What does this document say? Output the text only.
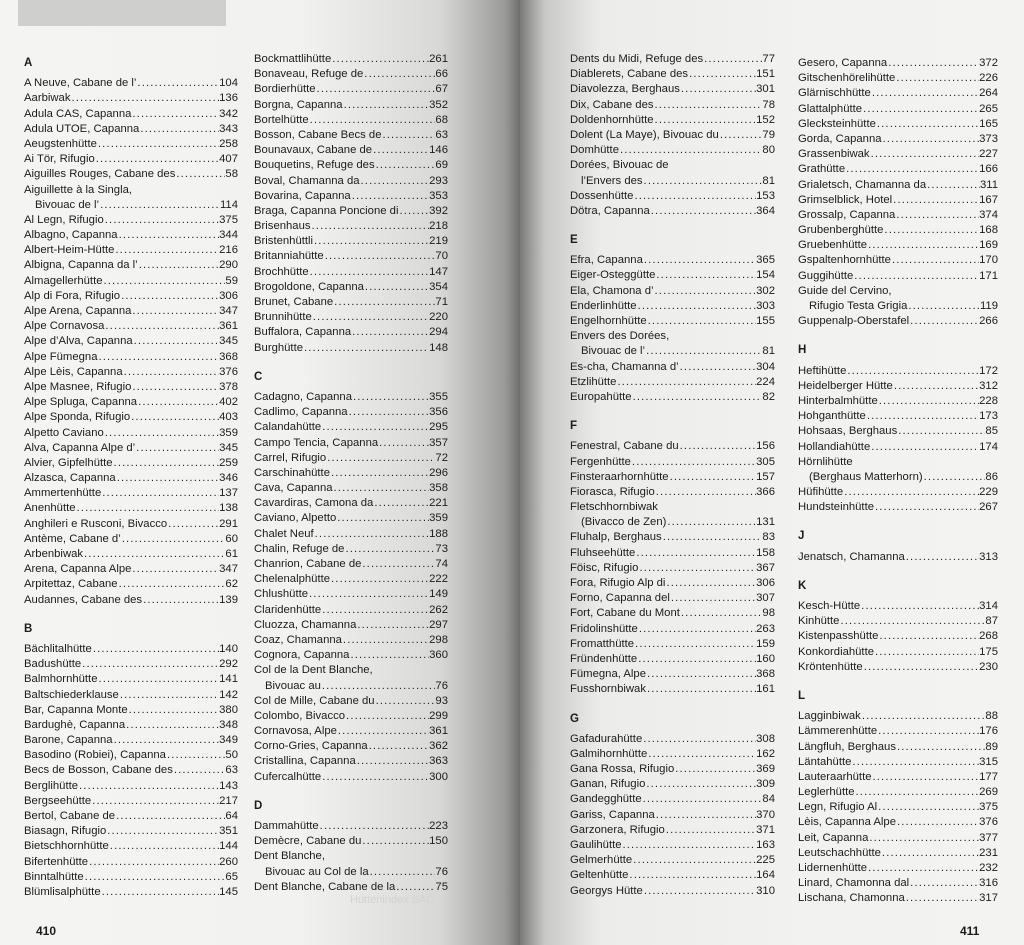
A
A Neuve, Cabane de l’ . . .	104
Aarbiwak . . .	136
Adula CAS, Capanna . . .	342
Adula UTOE, Capanna . . .	343
Aeugstenhütte . . .	258
Ai Tör, Rifugio . . .	407
Aiguilles Rouges, Cabane des . . .	58
Aiguillette à la Singla,
Bivouac de l’ . . .	114
Al Legn, Rifugio . . .	375
Albagno, Capanna . . .	344
Albert-Heim-Hütte . . .	216
Albigna, Capanna da l’ . . .	290
Almagellerhütte . . .	59
Alp di Fora, Rifugio . . .	306
Alpe Arena, Capanna . . .	347
Alpe Cornavosa . . .	361
Alpe d’Alva, Capanna . . .	345
Alpe Fümegna . . .	368
Alpe Lèis, Capanna . . .	376
Alpe Masnee, Rifugio . . .	378
Alpe Spluga, Capanna . . .	402
Alpe Sponda, Rifugio . . .	403
Alpetto Caviano . . .	359
Alva, Capanna Alpe d’ . . .	345
Alvier, Gipfelhütte . . .	259
Alzasca, Capanna . . .	346
Ammertenhütte . . .	137
Anenhütte . . .	138
Anghileri e Rusconi, Bivacco . . .	291
Antème, Cabane d’ . . .	60
Arbenbiwak . . .	61
Arena, Capanna Alpe . . .	347
Arpitettaz, Cabane . . .	62
Audannes, Cabane des . . .	139
B
Bächlitalhütte . . .	140
Badushütte . . .	292
Balmhornhütte . . .	141
Baltschiederklause . . .	142
Bar, Capanna Monte . . .	380
Bardughè, Capanna . . .	348
Barone, Capanna . . .	349
Basodino (Robiei), Capanna . . .	50
Becs de Bosson, Cabane des . . .	63
Berglihütte . . .	143
Bergseehütte . . .	217
Bertol, Cabane de . . .	64
Biasagn, Rifugio . . .	351
Bietschhornhütte . . .	144
Bifertenhütte . . .	260
Binntalhütte . . .	65
Blümlisalphütte . . .	145
Bockmattlihütte . . .	261
Bonaveau, Refuge de . . .	66
Bordierhütte . . .	67
Borgna, Capanna . . .	352
Bortelhütte . . .	68
Bosson, Cabane Becs de . . .	63
Bounavaux, Cabane de . . .	146
Bouquetins, Refuge des . . .	69
Boval, Chamanna da . . .	293
Bovarina, Capanna . . .	353
Braga, Capanna Poncione di . . .	392
Brisenhaus . . .	218
Bristenhüttli . . .	219
Britanniahütte . . .	70
Brochhütte . . .	147
Brogoldone, Capanna . . .	354
Brunet, Cabane . . .	71
Brunnihütte . . .	220
Buffalora, Capanna . . .	294
Burghütte . . .	148
C
Cadagno, Capanna . . .	355
Cadlimo, Capanna . . .	356
Calandahütte . . .	295
Campo Tencia, Capanna . . .	357
Carrel, Rifugio . . .	72
Carschinahütte . . .	296
Cava, Capanna . . .	358
Cavardiras, Camona da . . .	221
Caviano, Alpetto . . .	359
Chalet Neuf . . .	188
Chalin, Refuge de . . .	73
Chanrion, Cabane de . . .	74
Chelenalphütte . . .	222
Chlushütte . . .	149
Claridenhütte . . .	262
Cluozza, Chamanna . . .	297
Coaz, Chamanna . . .	298
Cognora, Capanna . . .	360
Col de la Dent Blanche,
Bivouac au . . .	76
Col de Mille, Cabane du . . .	93
Colombo, Bivacco . . .	299
Cornavosa, Alpe . . .	361
Corno-Gries, Capanna . . .	362
Cristallina, Capanna . . .	363
Cufercalhütte . . .	300
D
Dammahütte . . .	223
Demècre, Cabane du . . .	150
Dent Blanche,
Bivouac au Col de la . . .	76
Dent Blanche, Cabane de la . . .	75
Hüttenindex SAC
410
Dents du Midi, Refuge des . . .	77
Diablerets, Cabane des . . .	151
Diavolezza, Berghaus . . .	301
Dix, Cabane des . . .	78
Doldenhornhütte . . .	152
Dolent (La Maye), Bivouac du . . .	79
Domhütte . . .	80
Dorées, Bivouac de
l’Envers des . . .	81
Dossenhütte . . .	153
Dötra, Capanna . . .	364
E
Efra, Capanna . . .	365
Eiger-Osteggütte . . .	154
Ela, Chamona d’ . . .	302
Enderlinhütte . . .	303
Engelhornhütte . . .	155
Envers des Dorées,
Bivouac de l’ . . .	81
Es-cha, Chamanna d’ . . .	304
Etzlihütte . . .	224
Europahütte . . .	82
F
Fenestral, Cabane du . . .	156
Fergenhütte . . .	305
Finsteraarhornhütte . . .	157
Fiorasca, Rifugio . . .	366
Fletschhornbiwak
(Bivacco de Zen) . . .	131
Fluhalp, Berghaus . . .	83
Fluhseehütte . . .	158
Föisc, Rifugio . . .	367
Fora, Rifugio Alp di . . .	306
Forno, Capanna del . . .	307
Fort, Cabane du Mont . . .	98
Fridolinshütte . . .	263
Fromatthütte . . .	159
Fründenhütte . . .	160
Fümegna, Alpe . . .	368
Fusshornbiwak . . .	161
G
Gafadurahütte . . .	308
Galmihornhütte . . .	162
Gana Rossa, Rifugio . . .	369
Ganan, Rifugio . . .	309
Gandegghütte . . .	84
Gariss, Capanna . . .	370
Garzonera, Rifugio . . .	371
Gaulihütte . . .	163
Gelmerhütte . . .	225
Geltenhütte . . .	164
Georgys Hütte . . .	310
Gesero, Capanna . . .	372
Gitschenhörelihütte . . .	226
Glärnischhütte . . .	264
Glattalphütte . . .	265
Glecksteinhütte . . .	165
Gorda, Capanna . . .	373
Grassenbiwak . . .	227
Grathütte . . .	166
Grialetsch, Chamanna da . . .	311
Grimselblick, Hotel . . .	167
Grossalp, Capanna . . .	374
Grubenberghütte . . .	168
Gruebenhütte . . .	169
Gspaltenhornhütte . . .	170
Guggihütte . . .	171
Guide del Cervino,
Rifugio Testa Grigia . . .	119
Guppenalp-Oberstafel . . .	266
H
Heftihütte . . .	172
Heidelberger Hütte . . .	312
Hinterbalmhütte . . .	228
Hohganthütte . . .	173
Hohsaas, Berghaus . . .	85
Hollandiahütte . . .	174
Hörnlihütte
(Berghaus Matterhorn) . . .	86
Hüfihütte . . .	229
Hundsteinhütte . . .	267
J
Jenatsch, Chamanna . . .	313
K
Kesch-Hütte . . .	314
Kinhütte . . .	87
Kistenpasshütte . . .	268
Konkordiahütte . . .	175
Kröntenhütte . . .	230
L
Lagginbiwak . . .	88
Lämmerenhütte . . .	176
Längfluh, Berghaus . . .	89
Läntahütte . . .	315
Lauteraarhütte . . .	177
Leglerhütte . . .	269
Legn, Rifugio Al . . .	375
Lèis, Capanna Alpe . . .	376
Leit, Capanna . . .	377
Leutschachhütte . . .	231
Lidernenhütte . . .	232
Linard, Chamonna dal . . .	316
Lischana, Chamonna . . .	317
411
